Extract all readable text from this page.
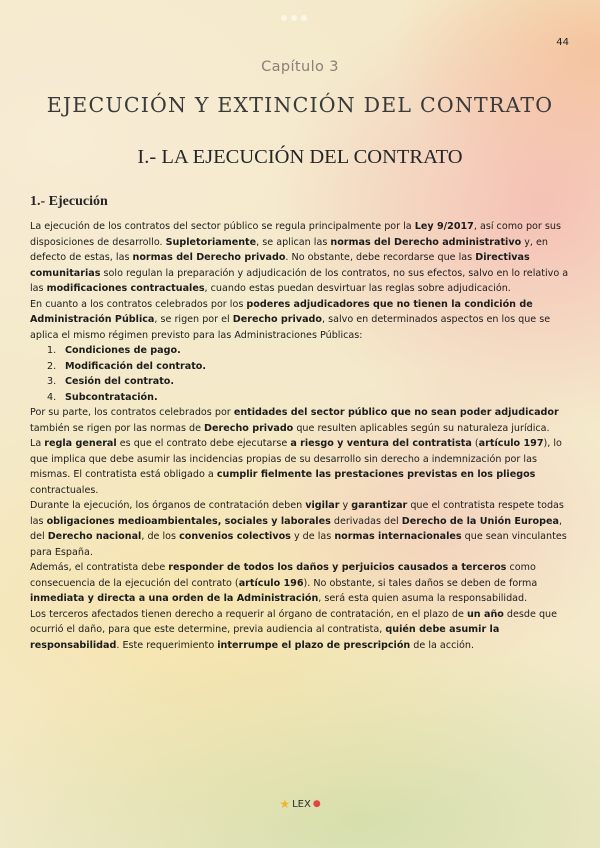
44
Capítulo 3
EJECUCIÓN Y EXTINCIÓN DEL CONTRATO
I.- LA EJECUCIÓN DEL CONTRATO
1.- Ejecución

La ejecución de los contratos del sector público se regula principalmente por la Ley 9/2017, así como por sus disposiciones de desarrollo. Supletoriamente, se aplican las normas del Derecho administrativo y, en defecto de estas, las normas del Derecho privado. No obstante, debe recordarse que las Directivas comunitarias solo regulan la preparación y adjudicación de los contratos, no sus efectos, salvo en lo relativo a las modificaciones contractuales, cuando estas puedan desvirtuar las reglas sobre adjudicación.

En cuanto a los contratos celebrados por los poderes adjudicadores que no tienen la condición de Administración Pública, se rigen por el Derecho privado, salvo en determinados aspectos en los que se aplica el mismo régimen previsto para las Administraciones Públicas:

1. Condiciones de pago.
2. Modificación del contrato.
3. Cesión del contrato.
4. Subcontratación.

Por su parte, los contratos celebrados por entidades del sector público que no sean poder adjudicador también se rigen por las normas de Derecho privado que resulten aplicables según su naturaleza jurídica.

La regla general es que el contrato debe ejecutarse a riesgo y ventura del contratista (artículo 197), lo que implica que debe asumir las incidencias propias de su desarrollo sin derecho a indemnización por las mismas. El contratista está obligado a cumplir fielmente las prestaciones previstas en los pliegos contractuales.

Durante la ejecución, los órganos de contratación deben vigilar y garantizar que el contratista respete todas las obligaciones medioambientales, sociales y laborales derivadas del Derecho de la Unión Europea, del Derecho nacional, de los convenios colectivos y de las normas internacionales que sean vinculantes para España.

Además, el contratista debe responder de todos los daños y perjuicios causados a terceros como consecuencia de la ejecución del contrato (artículo 196). No obstante, si tales daños se deben de forma inmediata y directa a una orden de la Administración, será esta quien asuma la responsabilidad.

Los terceros afectados tienen derecho a requerir al órgano de contratación, en el plazo de un año desde que ocurrió el daño, para que este determine, previa audiencia al contratista, quién debe asumir la responsabilidad. Este requerimiento interrumpe el plazo de prescripción de la acción.

★ LEX ●
